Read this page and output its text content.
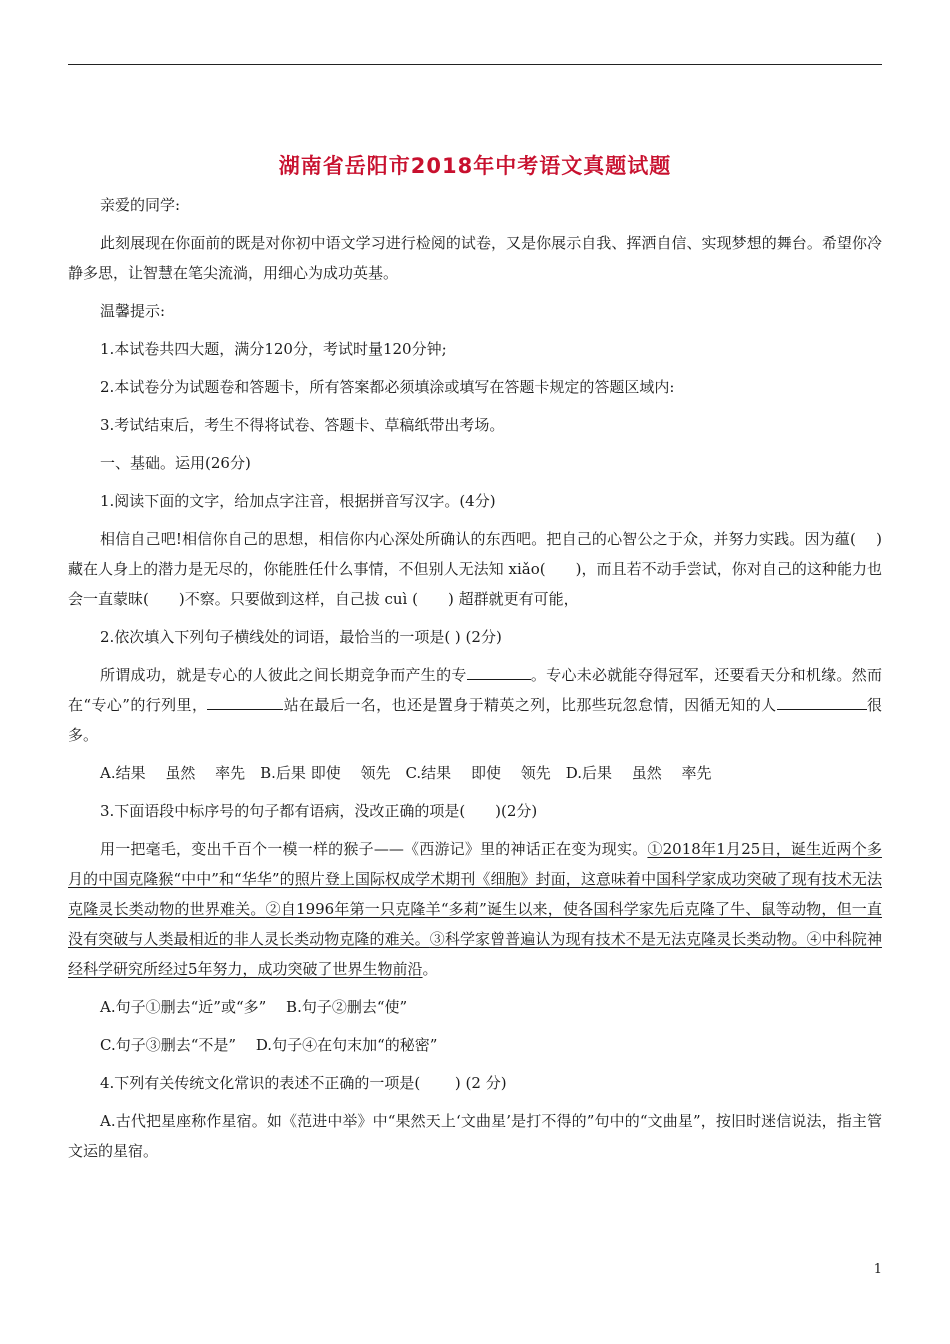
湖南省岳阳市2018年中考语文真题试题

亲爱的同学:

此刻展现在你面前的既是对你初中语文学习进行检阅的试卷，又是你展示自我、挥洒自信、实现梦想的舞台。希望你冷静多思，让智慧在笔尖流淌，用细心为成功英基。

温馨提示:

1.本试卷共四大题，满分120分，考试时量120分钟;

2.本试卷分为试题卷和答题卡，所有答案都必须填涂或填写在答题卡规定的答题区域内:

3.考试结束后，考生不得将试卷、答题卡、草稿纸带出考场。

一、基础。运用(26分)

1.阅读下面的文字，给加点字注音，根据拼音写汉字。(4分)

相信自己吧!相信你自己的思想，相信你内心深处所确认的东西吧。把自己的心智公之于众，并努力实践。因为蕴(　 ) 藏在人身上的潜力是无尽的，你能胜任什么事情，不但别人无法知 xiǎo(　　)，而且若不动手尝试，你对自己的这种能力也会一直蒙昧(　　)不察。只要做到这样，自己拔 cuì (　　) 超群就更有可能，

2.依次填入下列句子横线处的词语，最恰当的一项是( ) (2分)

所谓成功，就是专心的人彼此之间长期竞争而产生的专	。专心未必就能夺得冠军，还要看天分和机缘。然而在“专心”的行列里，	站在最后一名，也还是置身于精英之列，比那些玩忽怠情，因循无知的人	很多。

A.结果　 虽然　 率先　B.后果 即使　 领先　C.结果　 即使　 领先　D.后果　 虽然　 率先

3.下面语段中标序号的句子都有语病，没改正确的项是(　　)(2分)

用一把毫毛，变出千百个一模一样的猴子——《西游记》里的神话正在变为现实。①2018年1月25日，诞生近两个多月的中国克隆猴“中中”和“华华”的照片登上国际权成学术期刊《细胞》封面，这意味着中国科学家成功突破了现有技术无法克隆灵长类动物的世界难关。②自1996年第一只克隆羊“多莉”诞生以来，使各国科学家先后克隆了牛、鼠等动物，但一直没有突破与人类最相近的非人灵长类动物克隆的难关。③科学家曾普遍认为现有技术不是无法克隆灵长类动物。④中科院神经科学研究所经过5年努力，成功突破了世界生物前沿。

A.句子①删去“近”或“多”　 B.句子②删去“使”

C.句子③删去“不是”　 D.句子④在句末加“的秘密”

4.下列有关传统文化常识的表述不正确的一项是(　　 ) (2 分)

A.古代把星座称作星宿。如《范进中举》中“果然天上‘文曲星’是打不得的”句中的“文曲星”，按旧时迷信说法，指主管文运的星宿。

1
